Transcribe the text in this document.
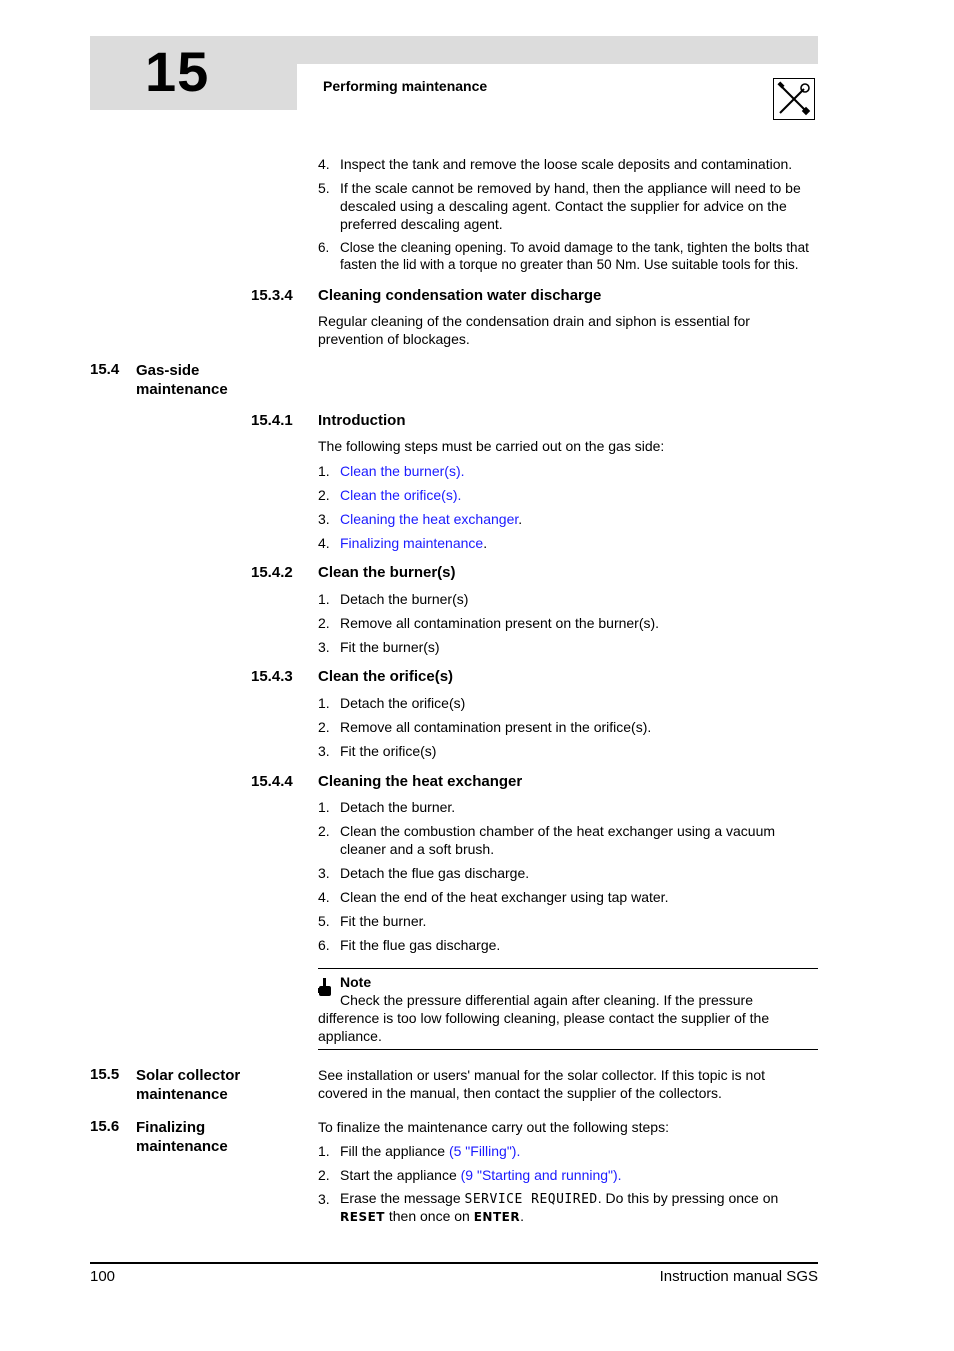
15	Performing maintenance
4. Inspect the tank and remove the loose scale deposits and contamination.
5. If the scale cannot be removed by hand, then the appliance will need to be descaled using a descaling agent. Contact the supplier for advice on the preferred descaling agent.
6. Close the cleaning opening. To avoid damage to the tank, tighten the bolts that fasten the lid with a torque no greater than 50 Nm. Use suitable tools for this.
15.3.4 Cleaning condensation water discharge
Regular cleaning of the condensation drain and siphon is essential for prevention of blockages.
15.4 Gas-side maintenance
15.4.1 Introduction
The following steps must be carried out on the gas side:
1. Clean the burner(s).
2. Clean the orifice(s).
3. Cleaning the heat exchanger.
4. Finalizing maintenance.
15.4.2 Clean the burner(s)
1. Detach the burner(s)
2. Remove all contamination present on the burner(s).
3. Fit the burner(s)
15.4.3 Clean the orifice(s)
1. Detach the orifice(s)
2. Remove all contamination present in the orifice(s).
3. Fit the orifice(s)
15.4.4 Cleaning the heat exchanger
1. Detach the burner.
2. Clean the combustion chamber of the heat exchanger using a vacuum cleaner and a soft brush.
3. Detach the flue gas discharge.
4. Clean the end of the heat exchanger using tap water.
5. Fit the burner.
6. Fit the flue gas discharge.
Note
Check the pressure differential again after cleaning. If the pressure difference is too low following cleaning, please contact the supplier of the appliance.
15.5 Solar collector maintenance
See installation or users' manual for the solar collector. If this topic is not covered in the manual, then contact the supplier of the collectors.
15.6 Finalizing maintenance
To finalize the maintenance carry out the following steps:
1. Fill the appliance (5 "Filling").
2. Start the appliance (9 "Starting and running").
3. Erase the message SERVICE REQUIRED. Do this by pressing once on
RESET then once on ENTER.
100	Instruction manual SGS
